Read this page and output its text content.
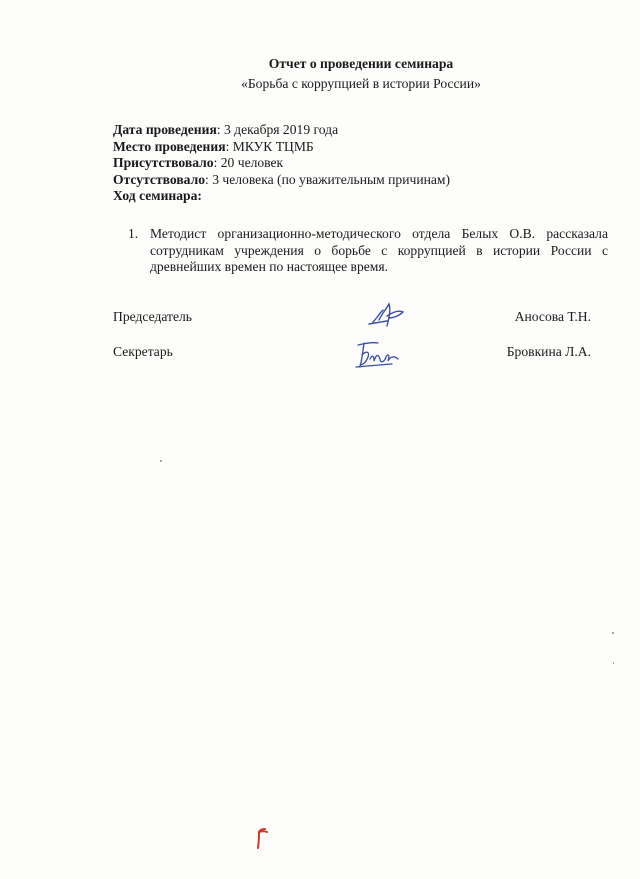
Отчет о проведении семинара
«Борьба с коррупцией в истории России»
Дата проведения: 3 декабря 2019 года
Место проведения: МКУК ТЦМБ
Присутствовало: 20 человек
Отсутствовало: 3 человека (по уважительным причинам)
Ход семинара:
1. Методист организационно-методического отдела Белых О.В. рассказала сотрудникам учреждения о борьбе с коррупцией в истории России с древнейших времен по настоящее время.
Председатель	Аносова Т.Н.
Секретарь	Бровкина Л.А.
